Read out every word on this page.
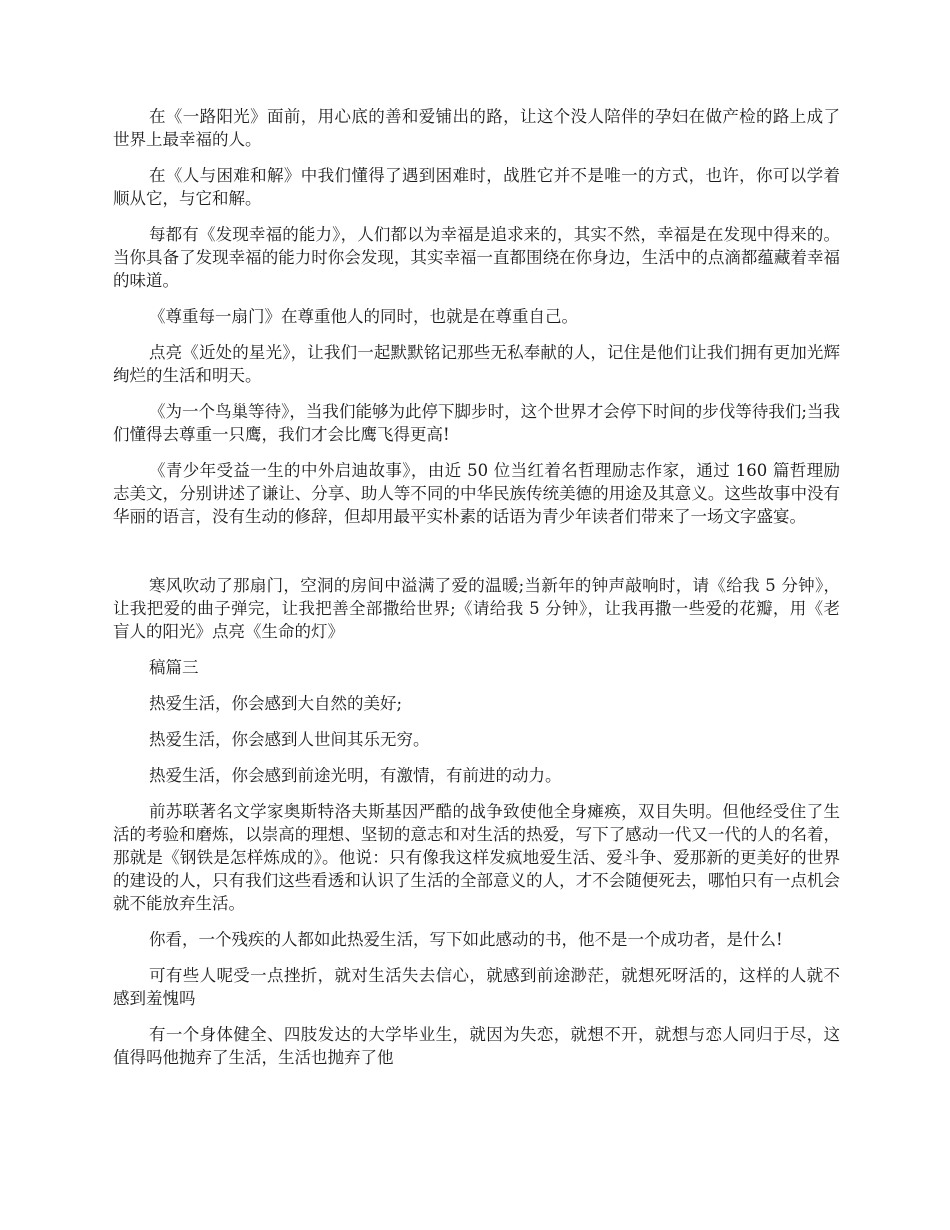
在《一路阳光》面前，用心底的善和爱铺出的路，让这个没人陪伴的孕妇在做产检的路上成了世界上最幸福的人。

在《人与困难和解》中我们懂得了遇到困难时，战胜它并不是唯一的方式，也许，你可以学着顺从它，与它和解。

每都有《发现幸福的能力》，人们都以为幸福是追求来的，其实不然，幸福是在发现中得来的。当你具备了发现幸福的能力时你会发现，其实幸福一直都围绕在你身边，生活中的点滴都蕴藏着幸福的味道。

《尊重每一扇门》在尊重他人的同时，也就是在尊重自己。

点亮《近处的星光》，让我们一起默默铭记那些无私奉献的人，记住是他们让我们拥有更加光辉绚烂的生活和明天。

《为一个鸟巢等待》，当我们能够为此停下脚步时，这个世界才会停下时间的步伐等待我们;当我们懂得去尊重一只鹰，我们才会比鹰飞得更高!

《青少年受益一生的中外启迪故事》，由近 50 位当红着名哲理励志作家，通过 160 篇哲理励志美文，分别讲述了谦让、分享、助人等不同的中华民族传统美德的用途及其意义。这些故事中没有华丽的语言，没有生动的修辞，但却用最平实朴素的话语为青少年读者们带来了一场文字盛宴。

寒风吹动了那扇门，空洞的房间中溢满了爱的温暖;当新年的钟声敲响时，请《给我 5 分钟》，让我把爱的曲子弹完，让我把善全部撒给世界;《请给我 5 分钟》，让我再撒一些爱的花瓣，用《老盲人的阳光》点亮《生命的灯》

稿篇三

热爱生活，你会感到大自然的美好;

热爱生活，你会感到人世间其乐无穷。

热爱生活，你会感到前途光明，有激情，有前进的动力。

前苏联著名文学家奥斯特洛夫斯基因严酷的战争致使他全身瘫痪，双目失明。但他经受住了生活的考验和磨炼，以崇高的理想、坚韧的意志和对生活的热爱，写下了感动一代又一代的人的名着，那就是《钢铁是怎样炼成的》。他说：只有像我这样发疯地爱生活、爱斗争、爱那新的更美好的世界的建设的人，只有我们这些看透和认识了生活的全部意义的人，才不会随便死去，哪怕只有一点机会就不能放弃生活。

你看，一个残疾的人都如此热爱生活，写下如此感动的书，他不是一个成功者，是什么!

可有些人呢受一点挫折，就对生活失去信心，就感到前途渺茫，就想死呀活的，这样的人就不感到羞愧吗

有一个身体健全、四肢发达的大学毕业生，就因为失恋，就想不开，就想与恋人同归于尽，这值得吗他抛弃了生活，生活也抛弃了他
